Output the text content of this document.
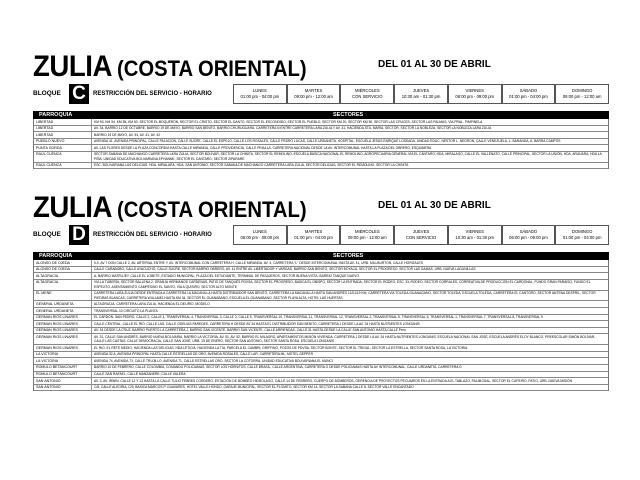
ZULIA (COSTA ORIENTAL)	DEL 01 AL 30 DE ABRIL
BLOQUE C	RESTRICCIÓN DEL SERVICIO - HORARIO
LUNES
01:00 pm - 04:00 pm
MARTES
09:00 pm - 12:00 am
MIÉRCOLES
CON SERVICIO
JUEVES
10:30 am - 01:30 pm
VIERNES
06:00 pm - 09:00 pm
SÁBADO
01:00 pm - 04:00 pm
DOMINGO
09:00 pm - 12:00 am
PARROQUIA	SECTORES
LIBERTAD	KM 50, KM 54, KM 55, KM 60. SECTOR EL BOQUERÓN, SECTOR EL CRISTO, SECTOR EL DANTO, SECTOR EL ESCONDIDO, SECTOR EL PUEBLO, SECTOR KM 20, SECTOR KM 50, SECTOR LAS CRUCES, SECTOR LAS PALMAS, VÍA PRAL. PIMPINELA
LIBERTAD	AV. 34, BARRIO 12 DE OCTUBRE, BARRIO 19 DE MAYO, BARRIO SAN BENITO, BARRIO CHURUGUARA, CARRETERA N ENTRE CARRETERA LARA ZULIA Y AV. 41, HACIENDA STA. MARÍA, SECTOR, SECTOR LA NOBLEZA, SECTOR LA NOBLEZA LARA ZULIA
LIBERTAD	BARRIO 19 DE MAYO, AV. 34, AV. 41, AV. 42
PUEBLO NUEVO	AVENIDA 41, AVENIDA PRINCIPAL, CALLE PALACIÓN, CALLE SUCRE, CALLE EL ESPEJO, CALLE LOS ROSALES, CALLE PEDRO LUCAS, CALLE URDANETA, HOSPITAL, ESCUELA JESÚS ENRIQUE LOSSADA, UNIDAD EDUC. NESTOR L. NEGRON, CALLE VENEZUELA, L. BARANDA, A. BARRA CAMPOS
PUNTA GORDA	AV. LAS FLORES DESDE LA PLAZA CONCORDIA HASTA CALLE MIRANDA, CALLE PROVIDENCIA, CALLE PRIALLA, CARRETERA NACIONAL DESDE LA AV. INTERCOMUNAL HASTA LA PLAZA DEL OBRERO, ESQUINERA
RAÚL CUENCA	SECTOR SABANA DE MACHANGO CARRETERA LARA ZULIA, SECTOR BOLÍVAR, SECTOR LA CHINITA, SECTOR EL REMOLINO, ESCUELA BÁSICA NACIONAL EL REMOLINO, AGROPECUARIA GENERAL VÍA EL CANTARO, HDA. MIRALAGO, CALLE EL VALLENATO, CALLE PRINCIPAL, SECTOR LA UNIÓN, HDA. ARAUARA, HDA LA PIÑA, UNIDAD EDUCATIVA BOLIVARIANA EPHANNE, SECTOR EL CANTARO, SECTOR ZIPARARE
RAÚL CUENCA	ESC. BOLIVARIANA LAS DELICIAS, HDA. MIRALARA, HDA. SAN ANTONIO, SECTOR SABANA DE MACHANGO CARRETERA LARA ZULIA, SECTOR DELICIAS, SECTOR EL REMOLINO, SECTOR LA CHINITA
ZULIA (COSTA ORIENTAL)	DEL 01 AL 30 DE ABRIL
BLOQUE D	RESTRICCIÓN DEL SERVICIO - HORARIO
LUNES
06:00 pm - 09:00 pm
MARTES
01:00 pm - 04:00 pm
MIÉRCOLES
09:00 pm - 12:00 am
JUEVES
CON SERVICIO
VIERNES
10:30 am - 01:30 pm
SÁBADO
06:00 pm - 09:00 pm
DOMINGO
01:00 pm - 04:00 pm
PARROQUIA	SECTORES
ALONSO DE OJEDA	5-0, AV 7 DON CALLE 2, AV. ARTERIAL ENTRE Y, AV. INTERCOMUNAL CON CARRETERA H, CALLE MIRANDA, AV. 3, CARRETERA "L" DESDE INTERCOMUNAL HASTA AV. 41, URB. MILLBURTON, CALLE HORIZALES
ALONSO DE OJEDA	CALLE CARABOBO, CALLE AYACUCHO, CALLE SUCRE, SECTOR BARRIO OBRERO, AV. 41 ENTRE AV. LIBERTADOR Y VARGAS, BARRIO SAN BENITO, SECTOR BOYACÁ, SECTOR EL PROGRESO, SECTOR LAS DAMAS, URB. NUEVA LAGUNILLAS
ALTAGRACIA	A, BARRIO MATRUJEY, CALLE EL LOBETE, ESTADIO MUNICIPAL, PLAZA DEL ESTUDIANTE, TERMINAL DE PASAJEROS, SECTOR BUENA VISTA, BARRIO TANQUE NUEVO
ALTAGRACIA	VÍA LA TUBERÍA, SECTOR BALLENA 2, GRANJA HERMANOS CARDENAS, PATIO DE TANQUES PDVSA, SECTOR EL PROGRESO, BÁSICA EL OBISPO, SECTOR LA ENTRADA, SECTOR EL RODEO, ESC. EL RODEO, SECTOR CORRALES, CORREATIVA DE PRODUCCIÓN EL CARDONAL, FUNDO GRAN PARAÍSO, FUNDO EL ESPEJITO, ASENTAMIENTO CAMPESINO EL SANTO, VÍA A QUISIRO, SECTOR ALTO MONTE
EL MENE	CARRETERA LARA ZULIA DESDE ENTRADA A CARRETERA LA MACANILLA HASTA DISTRIBUIDOR SAN BENITO, CARRETERA LA MACANILLA HASTA SAN ANDRÉS 11/01/19 KM, CARRETERA VÍA TOLEDA-GUANAGANO, SECTOR TOLEDA, ESCUELA TOLEDA, CARRETERA EL CANTORO, SECTOR ANTENA DESPRIL, SECTOR PIEDRAS BLANCAS, CARRETERA WILLIAMS HASTA KM 34, SECTOR EL GUANABANO, ESCUELA EL GUANABANO, SECTOR PLAYA ALTA, HOTEL LAS HUERTAS
GENERAL URDANETA	ALTAGRACIA, CARRETERA LARA ZULIA, HACIENDA EL DELIRIO, MODELO
GENERAL URDANETA	TRANSVERSAL 10 CIRCUITO LA PLANTA
GERMAN RIOS LINARES	EL CARDÓN, SAN PEDRO, CALLE 2, CALLE 4, TRANSVERSAL 4, TRANSVERSAL 3, CALLE 3, CALLE 5, TRANSVERSAL 10, TRANSVERSAL 11, TRANSVERSAL 12, TRANSVERSAL 2, TRANSVERSAL 5, TRANSVERSAL 6, TRANSVERSAL 1, TRANSVERSAL 7, TRANSVERSAL 8, TRANSVERSAL 9
GERMAN RIOS LINARES	CALLE CENTRAL, CALLE EL RÍO, CALLE LAS, CALLE ODELIAS PAREDES, CARRETERA H DESDE AV 34 HASTA EL DISTRIBUIDOR SAN BENITO, CARRETERA J DESDE LA AV. 34 HASTA NUTRIENTES LONGANIS
GERMAN RIOS LINARES	AV. 34 DESDE LA CRUZ, BARRIO PUERTO LA CARRETERA J, BARRIO SAN VICENTE, BARRIO SAN VICENTE, CALLE ARRIENDAS, CALLE 31 HASTA DESDE LA CALLE SAN ANTONIO HASTA CALLE Pero
GERMAN RIOS LINARES	AV. 31, CALLE SAN ANDRÉS, BARRIO NUEVA BOLIVARIA, BARRIO LA VICTORIA, AV. 51, AV. 52, BARRIO EL MILAGRO, APARTAMENTOS MISIÓN VIVIENDA, CARRETERA J DESDE LA AV. 34 HASTA NUTRIENTES LONGANIS, ESCUELA NACIONAL SAN JOSÉ, ESCUELA ANDRÉS ELOY BLANCO, PREESCOLAR SIMÓN BOLÍVAR, CALLE LAS CASTAS, CALLE DEMOCRACIA, CALLE SAN JOSÉ, URB. 19 DE ENERO, SECTOR SAN ANTONIO, SECTOR SANTA ROSA, ESCUELA LONGANIS
GERMAN RIOS LINARES	EL RIO, EL RETE MEDIO, HACIENDA LAS DELICIAS, HDA LETICIA, HACIENDA LA TIA, PARCELA EL CAMBRI, GRIFFINO, POZOS DE PDVSA, SECTOR BONTE, SECTOR EL TRIGAL, SECTOR LA ESTRELLA, SECTOR SANTA ROSA, LA VICTORIA
LA VICTORIA	AVENIDA 32 A, AVENIDA PRINCIPAL HASTA CALLE ESTRELLAS DE ORO, AVENIDA ROSALES, CALLE LAR, CARRETERA ML, MOTEL GEPPER
LA VICTORIA	AVENIDA 74, AVENIDA 73, CALLE TRUJILLO, AVENIDA 71, CALLE ESTRELLAS ORO, SECTOR LA COTORRA, UNIDAD EDUCATIVA BOLIVARIANA EL MUNCI
ROMULO BETANCOURT	BARRIO 10 DE FEBRERO, CALLE COLOMBIA, COMANDO POLICIAMAS, SECTOR LOS HORNITOS, CALLE BRASIL, CALLE ARGENTINA, CARRETERA O DESDE POLICIAMAS HASTA AV INTERCOMUNAL, CALLE URDANETA, CARRETERA O
ROMULO BETANCOURT	CALLE SAN RAFAEL, CALLE MANZANERE, CALLE VALERA
SAN ANTONIO	AV. 3, AV. IRWIN, CALLE 12 Y 13 HASTA LA CALLE TULIO FEBRES CORDERO, ESTACIÓN DE BOMBEO HIDROLAGO, CALLE 14 DE FEBRERO, CUERPO DE BOMBEROS, GERENCIA DE PROYECTOS PECUARIOS EN LA ENTRADA A EL TABLAZO, PALMIGUAL, SECTOR EL CUPEIRO, PATIO, URB. NUEVA MISIÓN
SAN ANTONIO	C/8, CALLE ALEGRÍA, C/9, BASICA MARCOS P. GUAVARES, HOTEL VALLE HONDO, GARAJE MUNICIPAL, SECTOR EL PLOMITO, SECTOR KM 14, SECTOR LA SABANA CALLE 8, SECTOR VALLE ENCANTADO
